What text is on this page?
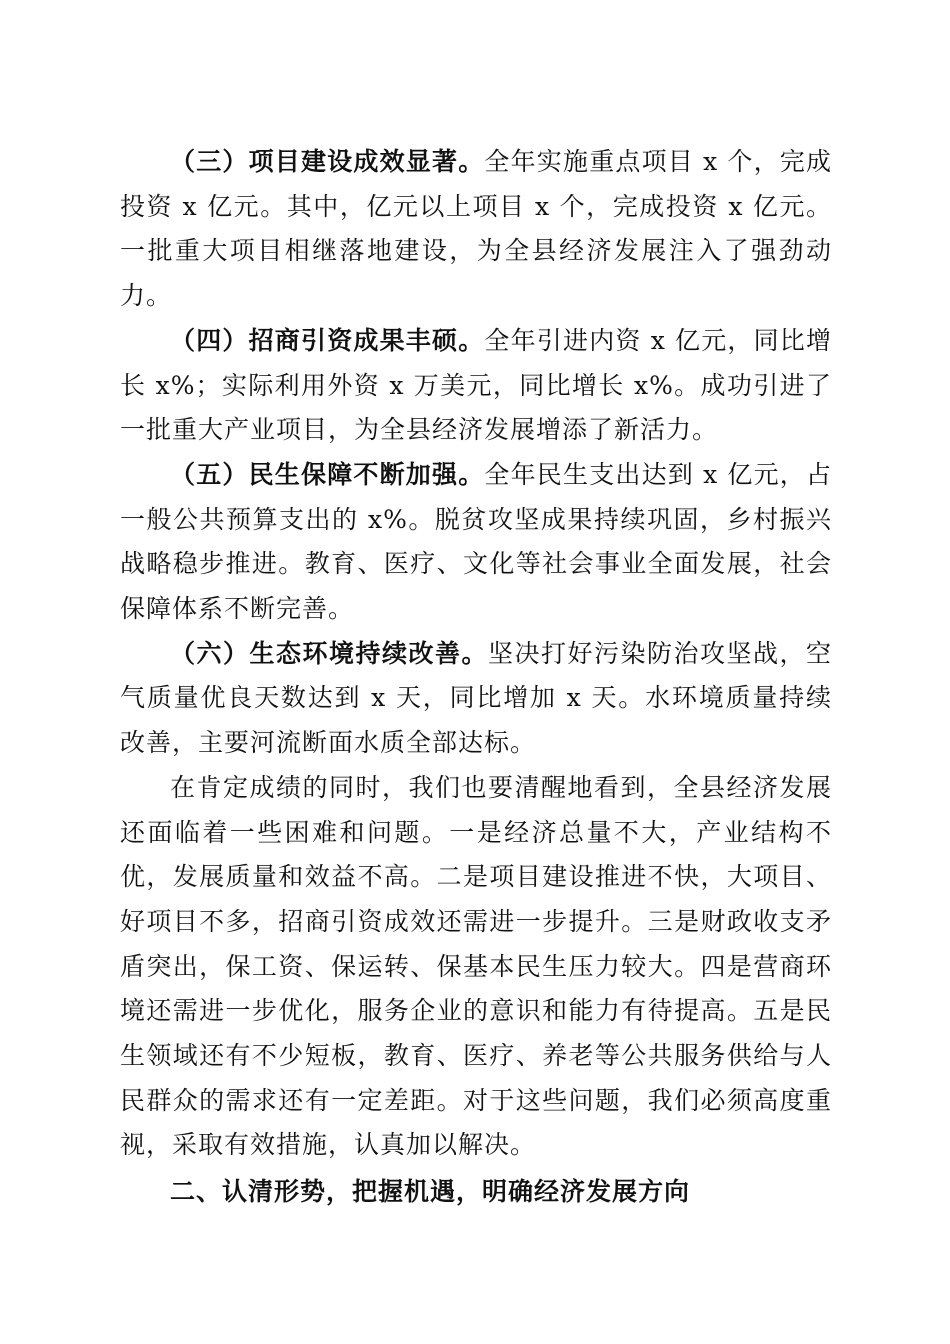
（三）项目建设成效显著。全年实施重点项目 x 个，完成投资 x 亿元。其中，亿元以上项目 x 个，完成投资 x 亿元。一批重大项目相继落地建设，为全县经济发展注入了强劲动力。

（四）招商引资成果丰硕。全年引进内资 x 亿元，同比增长 x%；实际利用外资 x 万美元，同比增长 x%。成功引进了一批重大产业项目，为全县经济发展增添了新活力。

（五）民生保障不断加强。全年民生支出达到 x 亿元，占一般公共预算支出的 x%。脱贫攻坚成果持续巩固，乡村振兴战略稳步推进。教育、医疗、文化等社会事业全面发展，社会保障体系不断完善。

（六）生态环境持续改善。坚决打好污染防治攻坚战，空气质量优良天数达到 x 天，同比增加 x 天。水环境质量持续改善，主要河流断面水质全部达标。

在肯定成绩的同时，我们也要清醒地看到，全县经济发展还面临着一些困难和问题。一是经济总量不大，产业结构不优，发展质量和效益不高。二是项目建设推进不快，大项目、好项目不多，招商引资成效还需进一步提升。三是财政收支矛盾突出，保工资、保运转、保基本民生压力较大。四是营商环境还需进一步优化，服务企业的意识和能力有待提高。五是民生领域还有不少短板，教育、医疗、养老等公共服务供给与人民群众的需求还有一定差距。对于这些问题，我们必须高度重视，采取有效措施，认真加以解决。

二、认清形势，把握机遇，明确经济发展方向
